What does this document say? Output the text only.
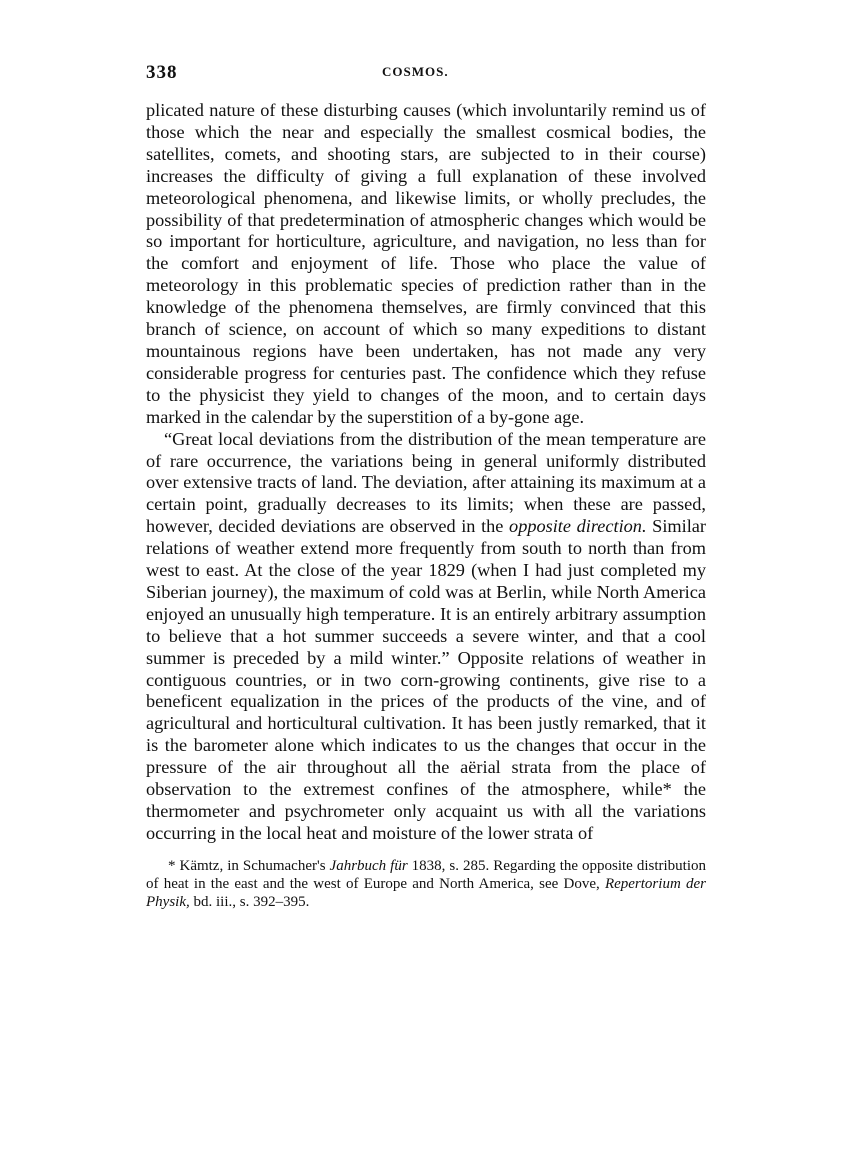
338	COSMOS.

plicated nature of these disturbing causes (which involuntarily remind us of those which the near and especially the smallest cosmical bodies, the satellites, comets, and shooting stars, are subjected to in their course) increases the difficulty of giving a full explanation of these involved meteorological phenomena, and likewise limits, or wholly precludes, the possibility of that predetermination of atmospheric changes which would be so important for horticulture, agriculture, and navigation, no less than for the comfort and enjoyment of life. Those who place the value of meteorology in this problematic species of prediction rather than in the knowledge of the phenomena themselves, are firmly convinced that this branch of science, on account of which so many expeditions to distant mountainous regions have been undertaken, has not made any very considerable progress for centuries past. The confidence which they refuse to the physicist they yield to changes of the moon, and to certain days marked in the calendar by the superstition of a by-gone age.

“Great local deviations from the distribution of the mean temperature are of rare occurrence, the variations being in general uniformly distributed over extensive tracts of land. The deviation, after attaining its maximum at a certain point, gradually decreases to its limits; when these are passed, however, decided deviations are observed in the opposite direction. Similar relations of weather extend more frequently from south to north than from west to east. At the close of the year 1829 (when I had just completed my Siberian journey), the maximum of cold was at Berlin, while North America enjoyed an unusually high temperature. It is an entirely arbitrary assumption to believe that a hot summer succeeds a severe winter, and that a cool summer is preceded by a mild winter.” Opposite relations of weather in contiguous countries, or in two corn-growing continents, give rise to a beneficent equalization in the prices of the products of the vine, and of agricultural and horticultural cultivation. It has been justly remarked, that it is the barometer alone which indicates to us the changes that occur in the pressure of the air throughout all the aërial strata from the place of observation to the extremest confines of the atmosphere, while* the thermometer and psychrometer only acquaint us with all the variations occurring in the local heat and moisture of the lower strata of

* Kämtz, in Schumacher's Jahrbuch für 1838, s. 285. Regarding the opposite distribution of heat in the east and the west of Europe and North America, see Dove, Repertorium der Physik, bd. iii., s. 392–395.
